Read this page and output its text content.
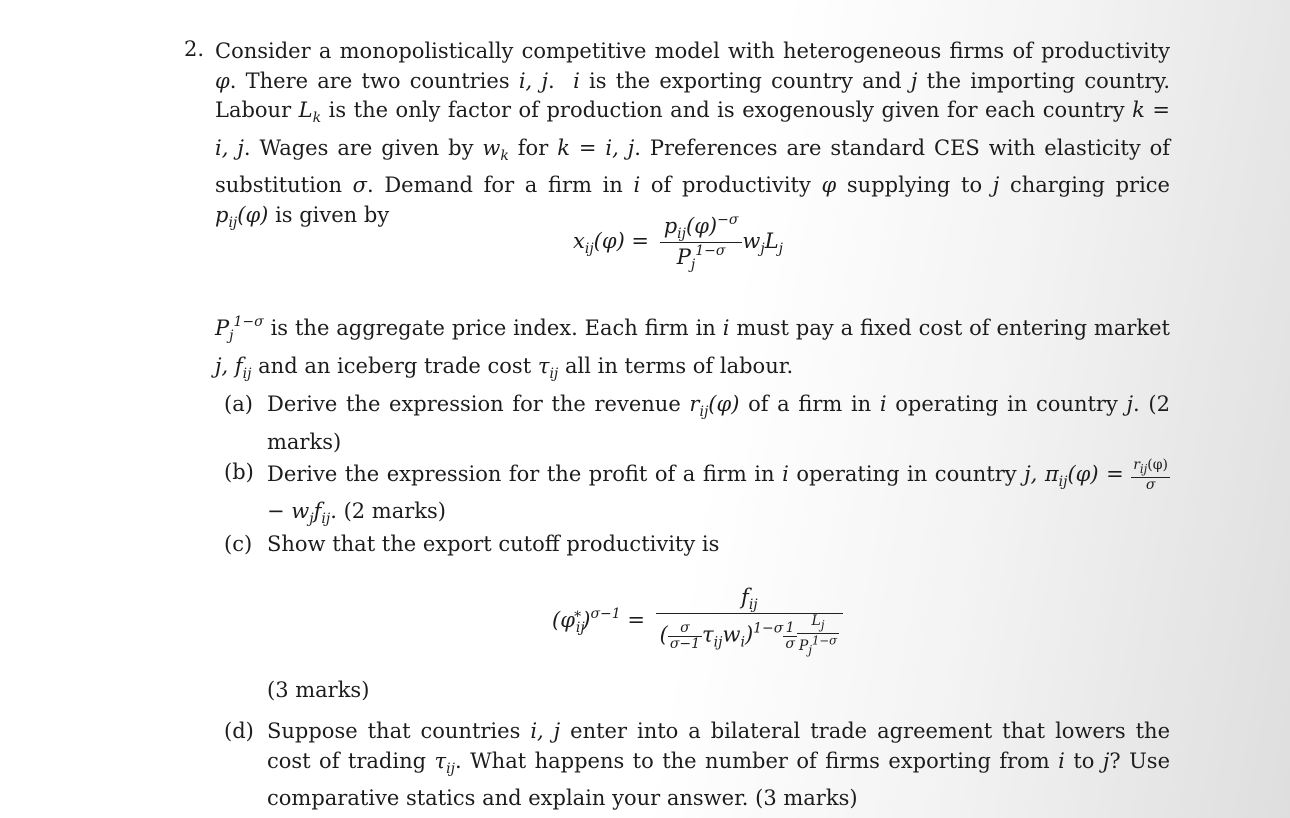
2. Consider a monopolistically competitive model with heterogeneous firms of productivity φ. There are two countries i, j.  i is the exporting country and j the importing country. Labour $L_k$ is the only factor of production and is exogenously given for each country k = i, j. Wages are given by $w_k$ for k = i, j. Preferences are standard CES with elasticity of substitution σ. Demand for a firm in i of productivity φ supplying to j charging price $p_{ij}(\varphi)$ is given by
$x_{ij}(\varphi) = \frac{p_{ij}(\varphi)^{-\sigma}}{P_j^{1-\sigma}} w_jL_j$
$P_j^{1-\sigma}$ is the aggregate price index. Each firm in i must pay a fixed cost of entering market j, $f_{ij}$ and an iceberg trade cost $\tau_{ij}$ all in terms of labour.
(a) Derive the expression for the revenue $r_{ij}(\varphi)$ of a firm in i operating in country j. (2 marks)
(b) Derive the expression for the profit of a firm in i operating in country j, $\pi_{ij}(\varphi) = \frac{r_{ij}(\varphi)}{\sigma}$
− $w_jf_{ij}$. (2 marks)
(c) Show that the export cutoff productivity is
$(\varphi_{ij}^∗)^{\sigma-1} = \frac{f_{ij}}{( \frac{\sigma}{\sigma-1} \tau_{ij}w_i)^{1-\sigma} \frac{1}{\sigma} \frac{L_j}{P_j^{1-\sigma}}}$
(3 marks)
(d) Suppose that countries i, j enter into a bilateral trade agreement that lowers the cost of trading $\tau_{ij}$. What happens to the number of firms exporting from i to j? Use comparative statics and explain your answer. (3 marks)
